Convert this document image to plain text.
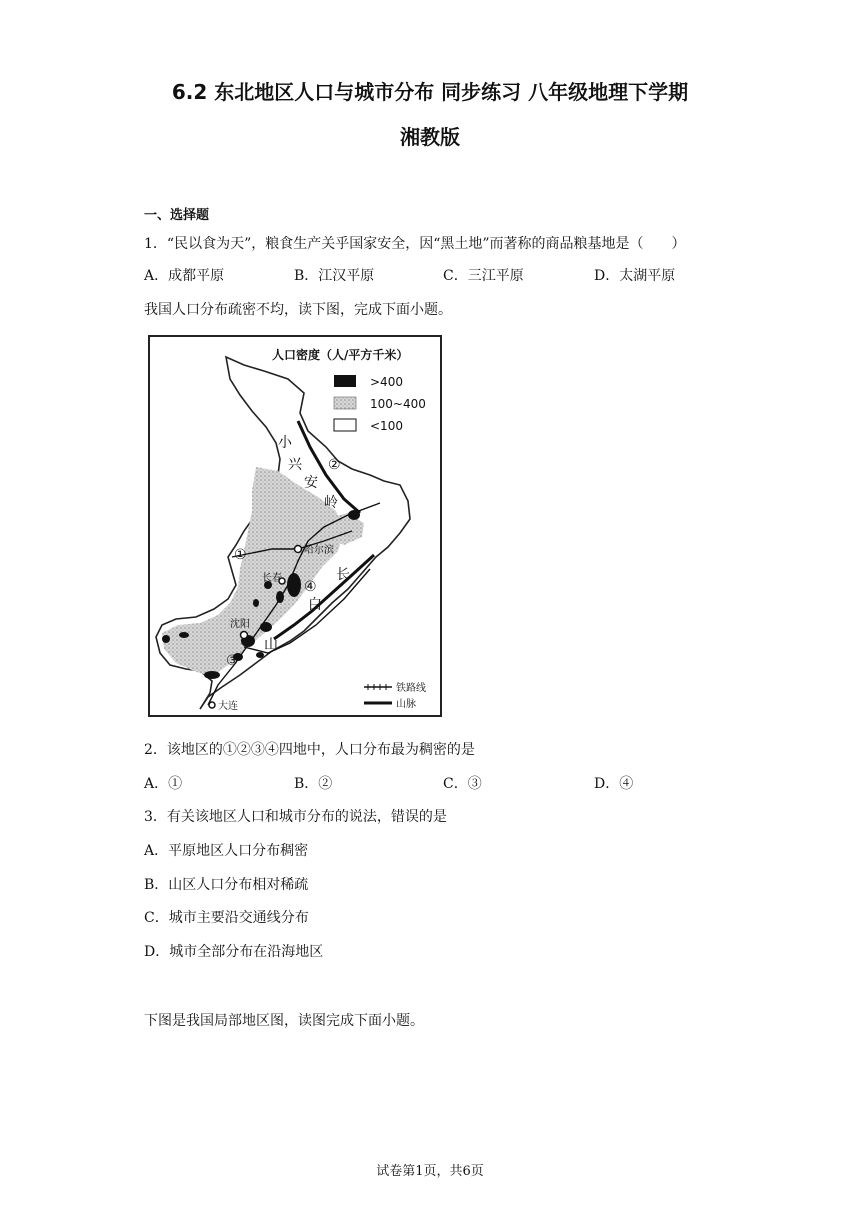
6.2 东北地区人口与城市分布 同步练习 八年级地理下学期
湘教版
一、选择题
1．“民以食为天”，粮食生产关乎国家安全，因“黑土地”而著称的商品粮基地是（　　）
A．成都平原	B．江汉平原	C．三江平原	D．太湖平原
我国人口分布疏密不均，读下图，完成下面小题。
哈尔滨
长春
沈阳
大连
小
兴
安
岭
长
白
山
①
②
③
④
人口密度（人/平方千米）
>400
100~400
<100
铁路线
山脉
2．该地区的①②③④四地中，人口分布最为稠密的是
A．①	B．②	C．③	D．④
3．有关该地区人口和城市分布的说法，错误的是
A．平原地区人口分布稠密
B．山区人口分布相对稀疏
C．城市主要沿交通线分布
D．城市全部分布在沿海地区
下图是我国局部地区图，读图完成下面小题。
试卷第1页，共6页
